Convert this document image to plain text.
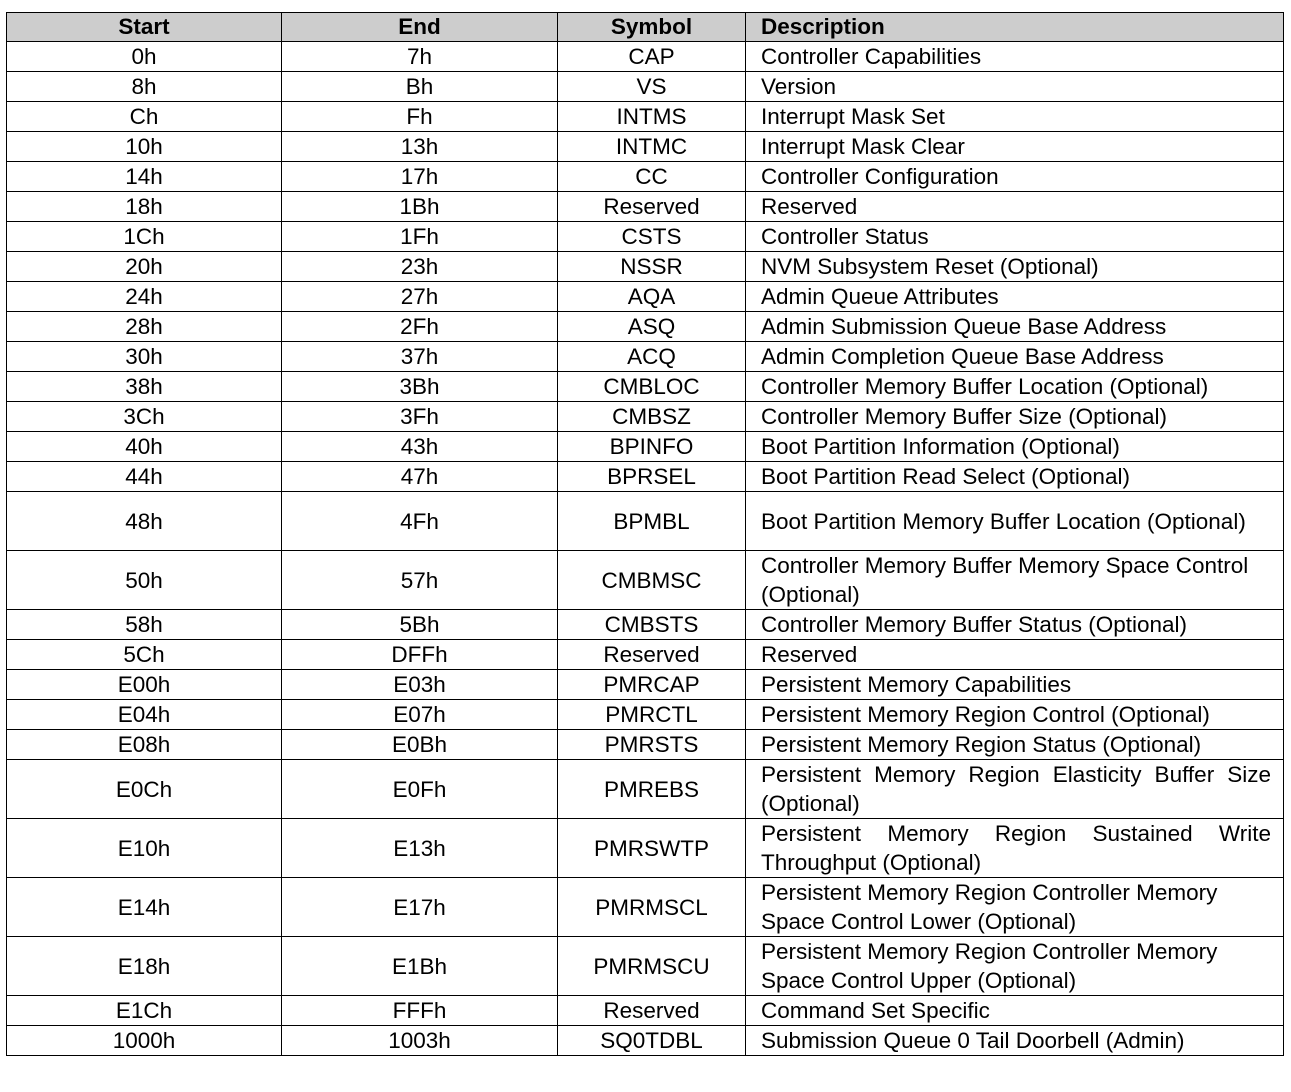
Start	End	Symbol	Description
0h	7h	CAP	Controller Capabilities
8h	Bh	VS	Version
Ch	Fh	INTMS	Interrupt Mask Set
10h	13h	INTMC	Interrupt Mask Clear
14h	17h	CC	Controller Configuration
18h	1Bh	Reserved	Reserved
1Ch	1Fh	CSTS	Controller Status
20h	23h	NSSR	NVM Subsystem Reset (Optional)
24h	27h	AQA	Admin Queue Attributes
28h	2Fh	ASQ	Admin Submission Queue Base Address
30h	37h	ACQ	Admin Completion Queue Base Address
38h	3Bh	CMBLOC	Controller Memory Buffer Location (Optional)
3Ch	3Fh	CMBSZ	Controller Memory Buffer Size (Optional)
40h	43h	BPINFO	Boot Partition Information (Optional)
44h	47h	BPRSEL	Boot Partition Read Select (Optional)
48h	4Fh	BPMBL	Boot Partition Memory Buffer Location (Optional)
50h	57h	CMBMSC	Controller Memory Buffer Memory Space Control (Optional)
58h	5Bh	CMBSTS	Controller Memory Buffer Status (Optional)
5Ch	DFFh	Reserved	Reserved
E00h	E03h	PMRCAP	Persistent Memory Capabilities
E04h	E07h	PMRCTL	Persistent Memory Region Control (Optional)
E08h	E0Bh	PMRSTS	Persistent Memory Region Status (Optional)
E0Ch	E0Fh	PMREBS	Persistent Memory Region Elasticity Buffer Size (Optional)
E10h	E13h	PMRSWTP	Persistent Memory Region Sustained Write Throughput (Optional)
E14h	E17h	PMRMSCL	Persistent Memory Region Controller Memory Space Control Lower (Optional)
E18h	E1Bh	PMRMSCU	Persistent Memory Region Controller Memory Space Control Upper (Optional)
E1Ch	FFFh	Reserved	Command Set Specific
1000h	1003h	SQ0TDBL	Submission Queue 0 Tail Doorbell (Admin)
